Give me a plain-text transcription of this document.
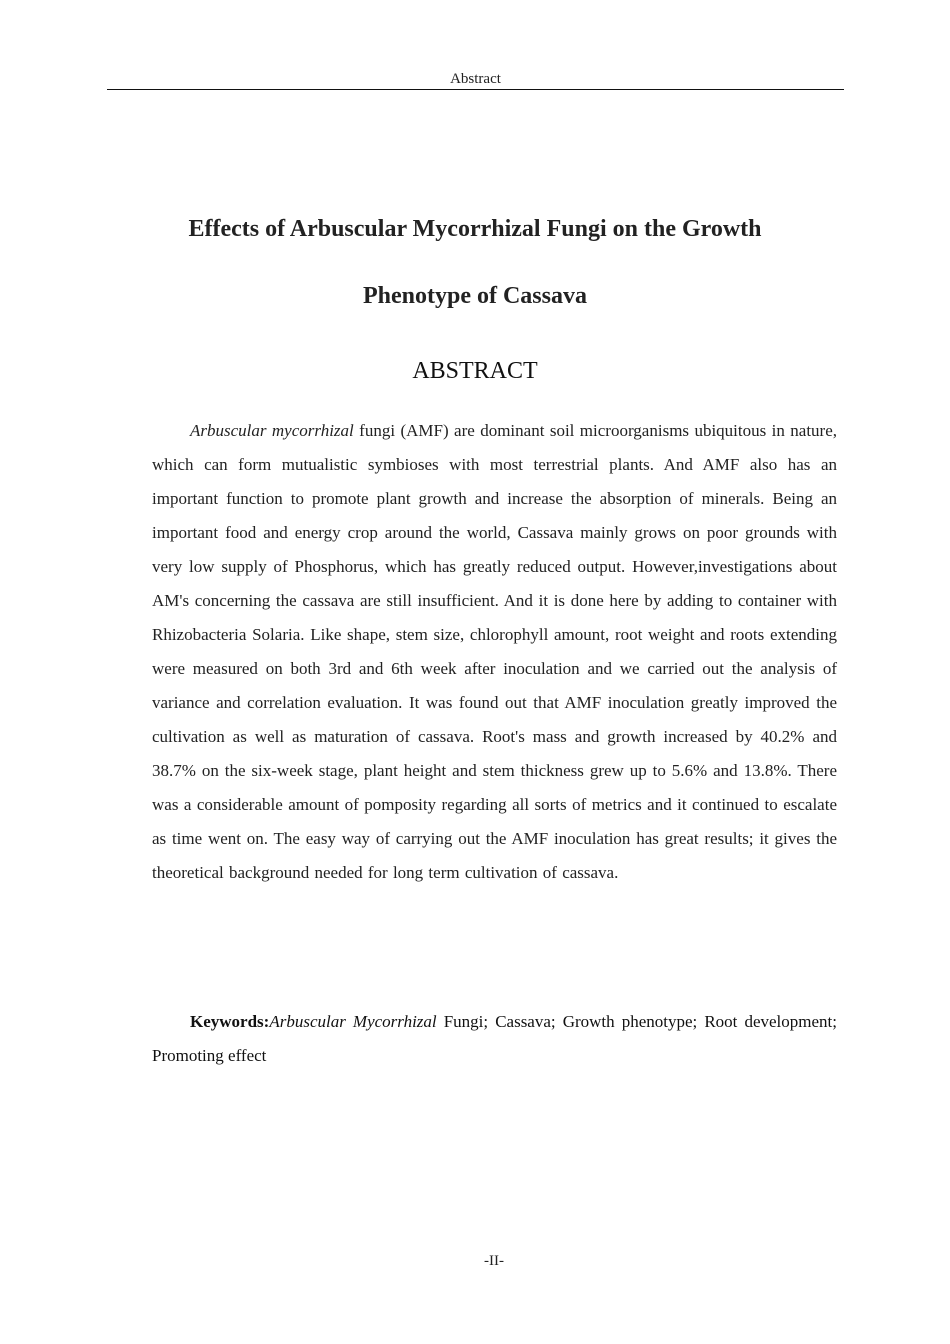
Abstract
Effects of Arbuscular Mycorrhizal Fungi on the Growth
Phenotype of Cassava
ABSTRACT

Arbuscular mycorrhizal fungi (AMF) are dominant soil microorganisms ubiquitous in nature, which can form mutualistic symbioses with most terrestrial plants. And AMF also has an important function to promote plant growth and increase the absorption of minerals. Being an important food and energy crop around the world, Cassava mainly grows on poor grounds with very low supply of Phosphorus, which has greatly reduced output. However,investigations about AM's concerning the cassava are still insufficient. And it is done here by adding to container with Rhizobacteria Solaria. Like shape, stem size, chlorophyll amount, root weight and roots extending were measured on both 3rd and 6th week after inoculation and we carried out the analysis of variance and correlation evaluation. It was found out that AMF inoculation greatly improved the cultivation as well as maturation of cassava. Root's mass and growth increased by 40.2% and 38.7% on the six-week stage, plant height and stem thickness grew up to 5.6% and 13.8%. There was a considerable amount of pomposity regarding all sorts of metrics and it continued to escalate as time went on. The easy way of carrying out the AMF inoculation has great results; it gives the theoretical background needed for long term cultivation of cassava.

Keywords:Arbuscular Mycorrhizal Fungi; Cassava; Growth phenotype; Root development; Promoting effect

-II-
